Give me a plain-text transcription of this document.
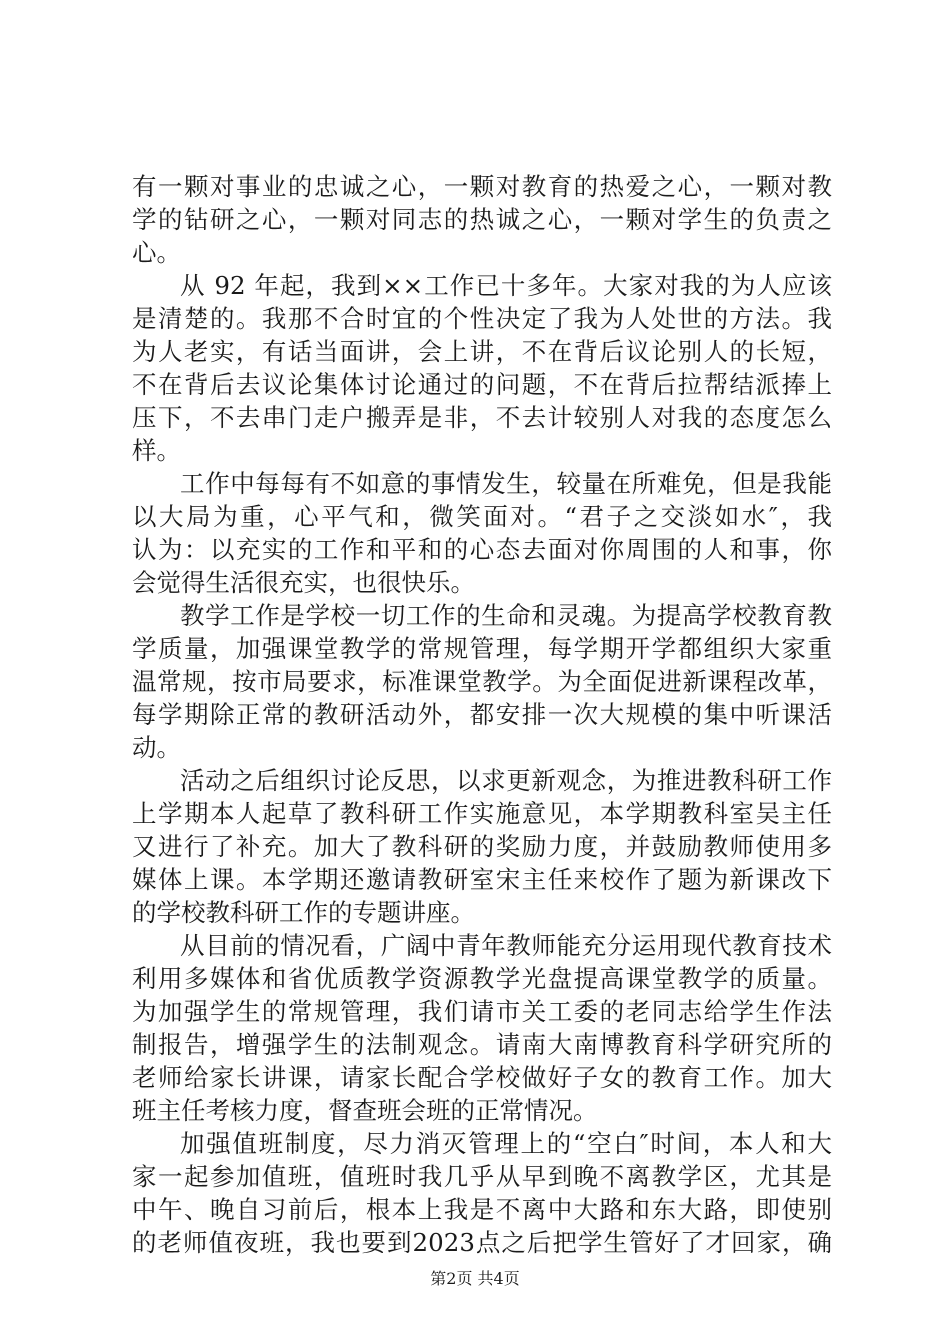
有一颗对事业的忠诚之心，一颗对教育的热爱之心，一颗对教
学的钻研之心，一颗对同志的热诚之心，一颗对学生的负责之
心。
从 92 年起，我到××工作已十多年。大家对我的为人应该
是清楚的。我那不合时宜的个性决定了我为人处世的方法。我
为人老实，有话当面讲，会上讲，不在背后议论别人的长短，
不在背后去议论集体讨论通过的问题，不在背后拉帮结派捧上
压下，不去串门走户搬弄是非，不去计较别人对我的态度怎么
样。
工作中每每有不如意的事情发生，较量在所难免，但是我能
以大局为重，心平气和，微笑面对。“君子之交淡如水″，我
认为：以充实的工作和平和的心态去面对你周围的人和事，你
会觉得生活很充实，也很快乐。
教学工作是学校一切工作的生命和灵魂。为提高学校教育教
学质量，加强课堂教学的常规管理，每学期开学都组织大家重
温常规，按市局要求，标准课堂教学。为全面促进新课程改革，
每学期除正常的教研活动外，都安排一次大规模的集中听课活
动。
活动之后组织讨论反思，以求更新观念，为推进教科研工作
上学期本人起草了教科研工作实施意见，本学期教科室吴主任
又进行了补充。加大了教科研的奖励力度，并鼓励教师使用多
媒体上课。本学期还邀请教研室宋主任来校作了题为新课改下
的学校教科研工作的专题讲座。
从目前的情况看，广阔中青年教师能充分运用现代教育技术
利用多媒体和省优质教学资源教学光盘提高课堂教学的质量。
为加强学生的常规管理，我们请市关工委的老同志给学生作法
制报告，增强学生的法制观念。请南大南博教育科学研究所的
老师给家长讲课，请家长配合学校做好子女的教育工作。加大
班主任考核力度，督查班会班的正常情况。
加强值班制度，尽力消灭管理上的“空白″时间，本人和大
家一起参加值班，值班时我几乎从早到晚不离教学区，尤其是
中午、晚自习前后，根本上我是不离中大路和东大路，即使别
第2页 共4页
的老师值夜班，我也要到2023点之后把学生管好了才回家，确
